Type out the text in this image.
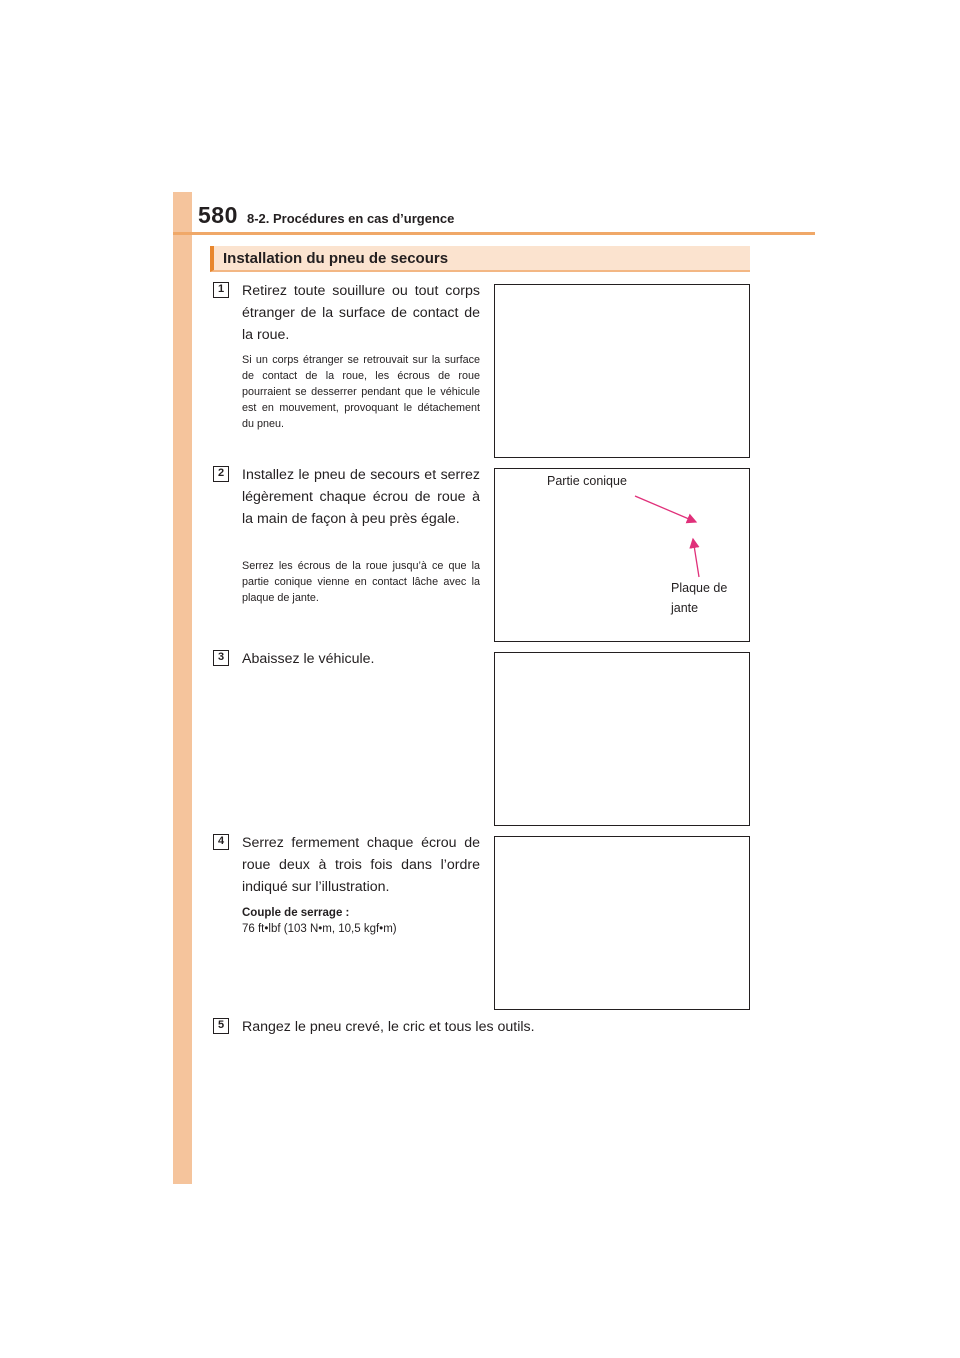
580 8-2. Procédures en cas d’urgence
Installation du pneu de secours
1	Retirez toute souillure ou tout corps étranger de la surface de contact de la roue.
Si un corps étranger se retrouvait sur la surface de contact de la roue, les écrous de roue pourraient se desserrer pendant que le véhicule est en mouvement, provoquant le détachement du pneu.
2	Installez le pneu de secours et serrez légèrement chaque écrou de roue à la main de façon à peu près égale.
Serrez les écrous de la roue jusqu’à ce que la partie conique vienne en contact lâche avec la plaque de jante.
Partie conique
Plaque de
jante
3	Abaissez le véhicule.
4	Serrez fermement chaque écrou de roue deux à trois fois dans l’ordre indiqué sur l’illustration.
Couple de serrage :
76 ft•lbf (103 N•m, 10,5 kgf•m)
5	Rangez le pneu crevé, le cric et tous les outils.
